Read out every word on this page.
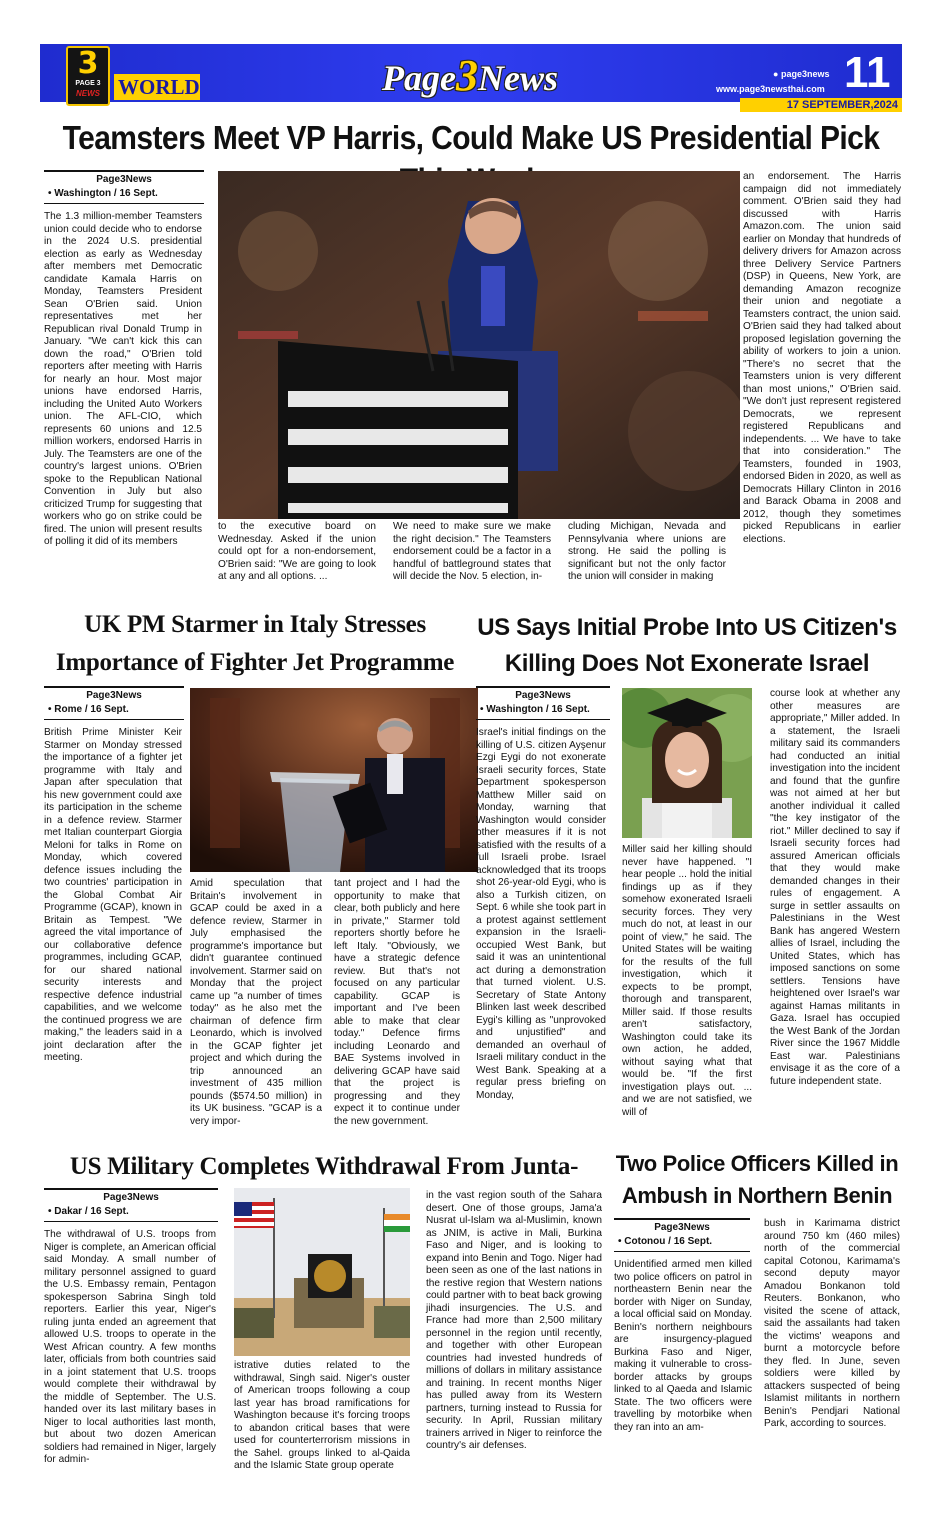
3
PAGE 3
NEWS WORLD	Page3News	● page3news
www.page3newsthai.com 11
17 SEPTEMBER,2024
Teamsters Meet VP Harris, Could Make US Presidential Pick
Page3News
• Washington / 16 Sept.
The 1.3 million-member Teamsters union could decide who to endorse in the 2024 U.S. presidential election as early as Wednesday after members met Democratic candidate Kamala Harris on Monday, Teamsters President Sean O'Brien said. Union representatives met her Republican rival Donald Trump in January. "We can't kick this can down the road," O'Brien told reporters after meeting with Harris for nearly an hour. Most major unions have endorsed Harris, including the United Auto Workers union. The AFL-CIO, which represents 60 unions and 12.5 million workers, endorsed Harris in July. The Teamsters are one of the country's largest unions. O'Brien spoke to the Republican National Convention in July but also criticized Trump for suggesting that workers who go on strike could be fired. The union will present results of polling it did of its members
to the executive board on Wednesday. Asked if the union could opt for a non-endorsement, O'Brien said: "We are going to look at any and all options. ...
We need to make sure we make the right decision." The Teamsters endorsement could be a factor in a handful of battleground states that will decide the Nov. 5 election, in-
cluding Michigan, Nevada and Pennsylvania where unions are strong. He said the polling is significant but not the only factor the union will consider in making
an endorsement. The Harris campaign did not immediately comment. O'Brien said they had discussed with Harris Amazon.com. The union said earlier on Monday that hundreds of delivery drivers for Amazon across three Delivery Service Partners (DSP) in Queens, New York, are demanding Amazon recognize their union and negotiate a Teamsters contract, the union said. O'Brien said they had talked about proposed legislation governing the ability of workers to join a union. "There's no secret that the Teamsters union is very different than most unions," O'Brien said. "We don't just represent registered Democrats, we represent registered Republicans and independents. ... We have to take that into consideration." The Teamsters, founded in 1903, endorsed Biden in 2020, as well as Democrats Hillary Clinton in 2016 and Barack Obama in 2008 and 2012, though they sometimes picked Republicans in earlier elections.
UK PM Starmer in Italy Stresses
Importance of Fighter Jet Programme
Page3News
• Rome / 16 Sept.
British Prime Minister Keir Starmer on Monday stressed the importance of a fighter jet programme with Italy and Japan after speculation that his new government could axe its participation in the scheme in a defence review. Starmer met Italian counterpart Giorgia Meloni for talks in Rome on Monday, which covered defence issues including the two countries' participation in the Global Combat Air Programme (GCAP), known in Britain as Tempest. "We agreed the vital importance of our collaborative defence programmes, including GCAP, for our shared national security interests and respective defence industrial capabilities, and we welcome the continued progress we are making," the leaders said in a joint declaration after the meeting.
Amid speculation that Britain's involvement in GCAP could be axed in a defence review, Starmer in July emphasised the programme's importance but didn't guarantee continued involvement. Starmer said on Monday that the project came up "a number of times today" as he also met the chairman of defence firm Leonardo, which is involved in the GCAP fighter jet project and which during the trip announced an investment of 435 million pounds ($574.50 million) in its UK business. "GCAP is a very impor-
tant project and I had the opportunity to make that clear, both publicly and here in private," Starmer told reporters shortly before he left Italy. "Obviously, we have a strategic defence review. But that's not focused on any particular capability. GCAP is important and I've been able to make that clear today." Defence firms including Leonardo and BAE Systems involved in delivering GCAP have said that the project is progressing and they expect it to continue under the new government.
US Says Initial Probe Into US Citizen's
Killing Does Not Exonerate Israel
Page3News
• Washington / 16 Sept.
Israel's initial findings on the killing of U.S. citizen Ayşenur Ezgi Eygi do not exonerate Israeli security forces, State Department spokesperson Matthew Miller said on Monday, warning that Washington would consider other measures if it is not satisfied with the results of a full Israeli probe. Israel acknowledged that its troops shot 26-year-old Eygi, who is also a Turkish citizen, on Sept. 6 while she took part in a protest against settlement expansion in the Israeli-occupied West Bank, but said it was an unintentional act during a demonstration that turned violent. U.S. Secretary of State Antony Blinken last week described Eygi's killing as "unprovoked and unjustified" and demanded an overhaul of Israeli military conduct in the West Bank. Speaking at a regular press briefing on Monday,
Miller said her killing should never have happened. "I hear people ... hold the initial findings up as if they somehow exonerated Israeli security forces. They very much do not, at least in our point of view," he said. The United States will be waiting for the results of the full investigation, which it expects to be prompt, thorough and transparent, Miller said. If those results aren't satisfactory, Washington could take its own action, he added, without saying what that would be. "If the first investigation plays out. ... and we are not satisfied, we will of
course look at whether any other measures are appropriate," Miller added. In a statement, the Israeli military said its commanders had conducted an initial investigation into the incident and found that the gunfire was not aimed at her but another individual it called "the key instigator of the riot." Miller declined to say if Israeli security forces had assured American officials that they would make demanded changes in their rules of engagement. A surge in settler assaults on Palestinians in the West Bank has angered Western allies of Israel, including the United States, which has imposed sanctions on some settlers. Tensions have heightened over Israel's war against Hamas militants in Gaza. Israel has occupied the West Bank of the Jordan River since the 1967 Middle East war. Palestinians envisage it as the core of a future independent state.
US Military Completes Withdrawal From Junta-
Page3News
• Dakar / 16 Sept.
The withdrawal of U.S. troops from Niger is complete, an American official said Monday. A small number of military personnel assigned to guard the U.S. Embassy remain, Pentagon spokesperson Sabrina Singh told reporters. Earlier this year, Niger's ruling junta ended an agreement that allowed U.S. troops to operate in the West African country. A few months later, officials from both countries said in a joint statement that U.S. troops would complete their withdrawal by the middle of September. The U.S. handed over its last military bases in Niger to local authorities last month, but about two dozen American soldiers had remained in Niger, largely for admin-
istrative duties related to the withdrawal, Singh said. Niger's ouster of American troops following a coup last year has broad ramifications for Washington because it's forcing troops to abandon critical bases that were used for counterterrorism missions in the Sahel. groups linked to al-Qaida and the Islamic State group operate
in the vast region south of the Sahara desert. One of those groups, Jama'a Nusrat ul-Islam wa al-Muslimin, known as JNIM, is active in Mali, Burkina Faso and Niger, and is looking to expand into Benin and Togo. Niger had been seen as one of the last nations in the restive region that Western nations could partner with to beat back growing jihadi insurgencies. The U.S. and France had more than 2,500 military personnel in the region until recently, and together with other European countries had invested hundreds of millions of dollars in military assistance and training. In recent months Niger has pulled away from its Western partners, turning instead to Russia for security. In April, Russian military trainers arrived in Niger to reinforce the country's air defenses.
Two Police Officers Killed in
Ambush in Northern Benin
Page3News
• Cotonou / 16 Sept.
Unidentified armed men killed two police officers on patrol in northeastern Benin near the border with Niger on Sunday, a local official said on Monday. Benin's northern neighbours are insurgency-plagued Burkina Faso and Niger, making it vulnerable to cross-border attacks by groups linked to al Qaeda and Islamic State. The two officers were travelling by motorbike when they ran into an am-
bush in Karimama district around 750 km (460 miles) north of the commercial capital Cotonou, Karimama's second deputy mayor Amadou Bonkanon told Reuters. Bonkanon, who visited the scene of attack, said the assailants had taken the victims' weapons and burnt a motorcycle before they fled. In June, seven soldiers were killed by attackers suspected of being Islamist militants in northern Benin's Pendjari National Park, according to sources.
